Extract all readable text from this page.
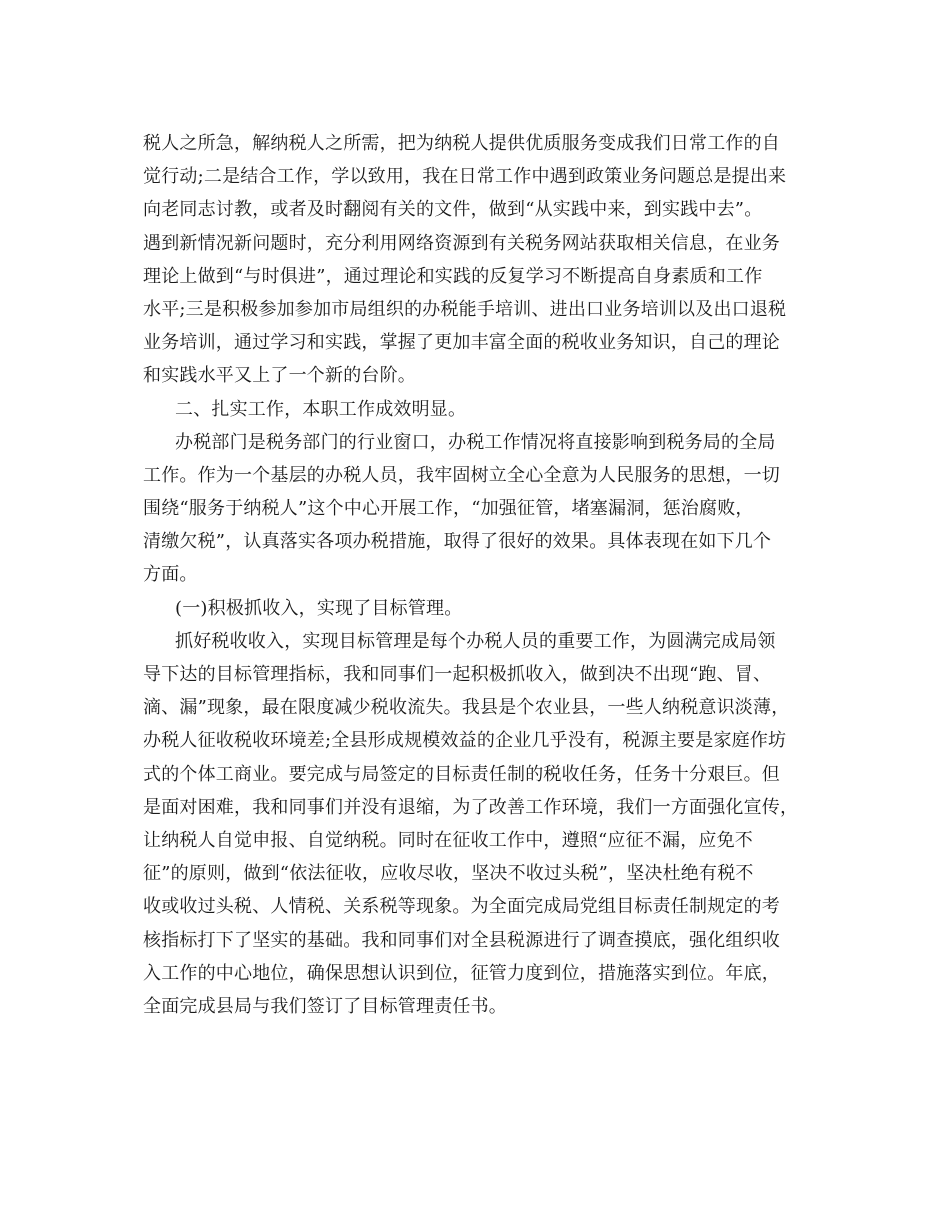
税人之所急，解纳税人之所需，把为纳税人提供优质服务变成我们日常工作的自
觉行动;二是结合工作，学以致用，我在日常工作中遇到政策业务问题总是提出来
向老同志讨教，或者及时翻阅有关的文件，做到“从实践中来，到实践中去”。
遇到新情况新问题时，充分利用网络资源到有关税务网站获取相关信息，在业务
理论上做到“与时俱进”，通过理论和实践的反复学习不断提高自身素质和工作
水平;三是积极参加参加市局组织的办税能手培训、进出口业务培训以及出口退税
业务培训，通过学习和实践，掌握了更加丰富全面的税收业务知识，自己的理论
和实践水平又上了一个新的台阶。
二、扎实工作，本职工作成效明显。
办税部门是税务部门的行业窗口，办税工作情况将直接影响到税务局的全局
工作。作为一个基层的办税人员，我牢固树立全心全意为人民服务的思想，一切
围绕“服务于纳税人”这个中心开展工作，“加强征管，堵塞漏洞，惩治腐败，
清缴欠税”，认真落实各项办税措施，取得了很好的效果。具体表现在如下几个
方面。
(一)积极抓收入，实现了目标管理。
抓好税收收入，实现目标管理是每个办税人员的重要工作，为圆满完成局领
导下达的目标管理指标，我和同事们一起积极抓收入，做到决不出现“跑、冒、
滴、漏”现象，最在限度减少税收流失。我县是个农业县，一些人纳税意识淡薄，
办税人征收税收环境差;全县形成规模效益的企业几乎没有，税源主要是家庭作坊
式的个体工商业。要完成与局签定的目标责任制的税收任务，任务十分艰巨。但
是面对困难，我和同事们并没有退缩，为了改善工作环境，我们一方面强化宣传，
让纳税人自觉申报、自觉纳税。同时在征收工作中，遵照“应征不漏，应免不
征”的原则，做到“依法征收，应收尽收，坚决不收过头税”，坚决杜绝有税不
收或收过头税、人情税、关系税等现象。为全面完成局党组目标责任制规定的考
核指标打下了坚实的基础。我和同事们对全县税源进行了调查摸底，强化组织收
入工作的中心地位，确保思想认识到位，征管力度到位，措施落实到位。年底，
全面完成县局与我们签订了目标管理责任书。
